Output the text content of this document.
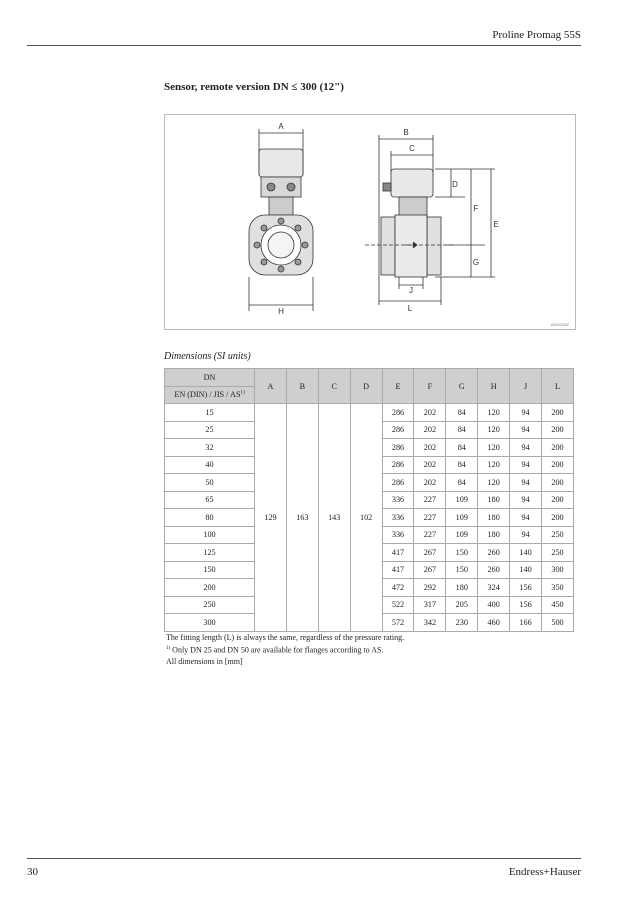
Proline Promag 55S
Sensor, remote version DN ≤ 300 (12")
A
H
B
C
J
L
D
F
G
E
A0012062
Dimensions (SI units)
DN	A	B	C	D	E	F	G	H	J	L
EN (DIN) / JIS / AS$^{1)}$
15	129	163	143	102	286	202	84	120	94	200
25					286	202	84	120	94	200
32					286	202	84	120	94	200
40					286	202	84	120	94	200
50					286	202	84	120	94	200
65					336	227	109	180	94	200
80					336	227	109	180	94	200
100					336	227	109	180	94	250
125					417	267	150	260	140	250
150					417	267	150	260	140	300
200					472	292	180	324	156	350
250					522	317	205	400	156	450
300					572	342	230	460	166	500
The fitting length (L) is always the same, regardless of the pressure rating.
$^{1)}$ Only DN 25 and DN 50 are available for flanges according to AS.
All dimensions in [mm]
30	Endress+Hauser
